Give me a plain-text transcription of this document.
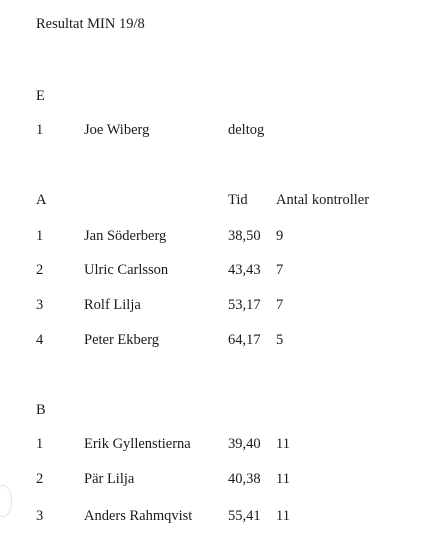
Resultat MIN 19/8
E
1	Joe Wiberg	deltog
A	Tid Antal kontroller
1	Jan Söderberg	38,50 9
2	Ulric Carlsson	43,43 7
3	Rolf Lilja	53,17 7
4	Peter Ekberg	64,17 5
B
1	Erik Gyllenstierna	39,40 11
2	Pär Lilja	40,38 11
3	Anders Rahmqvist 55,41 11
